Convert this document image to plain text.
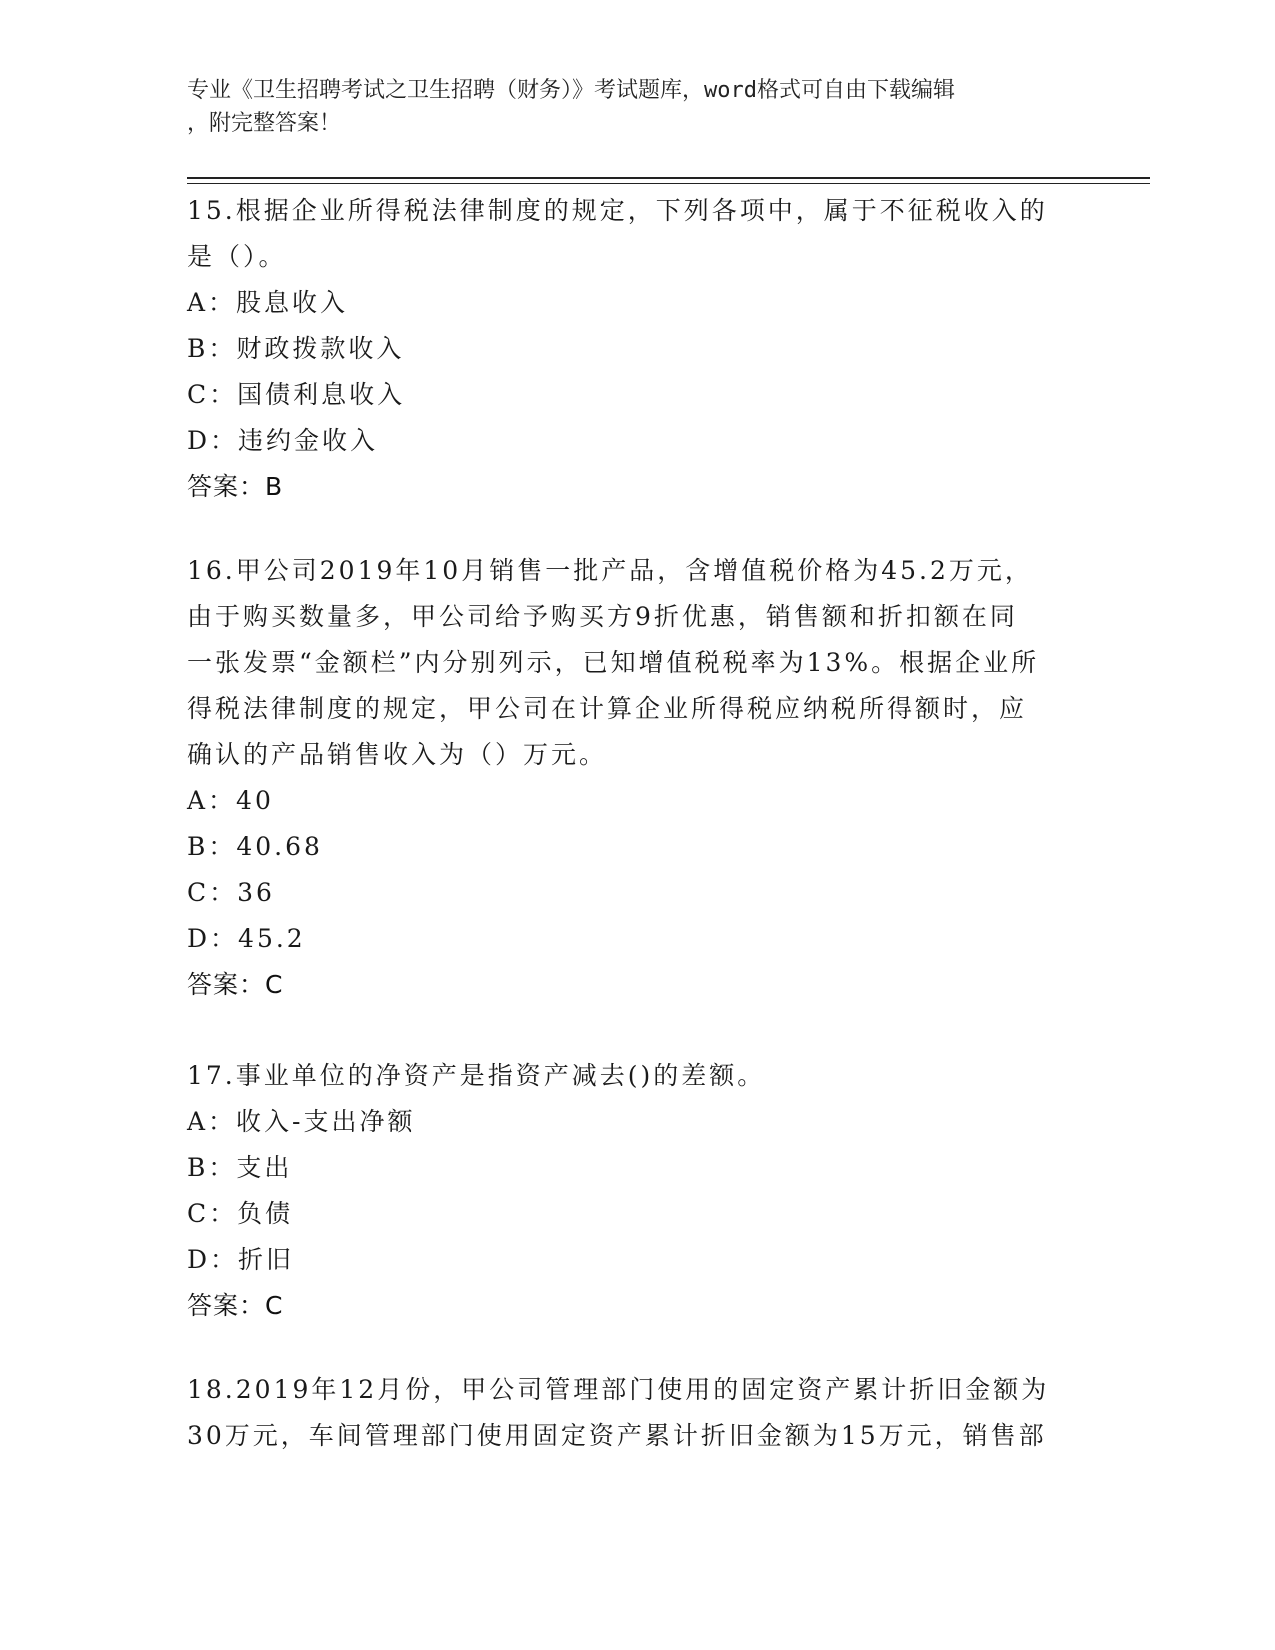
专业《卫生招聘考试之卫生招聘（财务）》考试题库，word格式可自由下载编辑
，附完整答案！

15.根据企业所得税法律制度的规定，下列各项中，属于不征税收入的

是（）。

A：股息收入

B：财政拨款收入

C：国债利息收入

D：违约金收入

答案：B

16.甲公司2019年10月销售一批产品，含增值税价格为45.2万元，

由于购买数量多，甲公司给予购买方9折优惠，销售额和折扣额在同

一张发票“金额栏”内分别列示，已知增值税税率为13%。根据企业所

得税法律制度的规定，甲公司在计算企业所得税应纳税所得额时，应

确认的产品销售收入为（）万元。

A：40

B：40.68

C：36

D：45.2

答案：C

17.事业单位的净资产是指资产减去()的差额。

A：收入-支出净额

B：支出

C：负债

D：折旧

答案：C

18.2019年12月份，甲公司管理部门使用的固定资产累计折旧金额为

30万元，车间管理部门使用固定资产累计折旧金额为15万元，销售部
